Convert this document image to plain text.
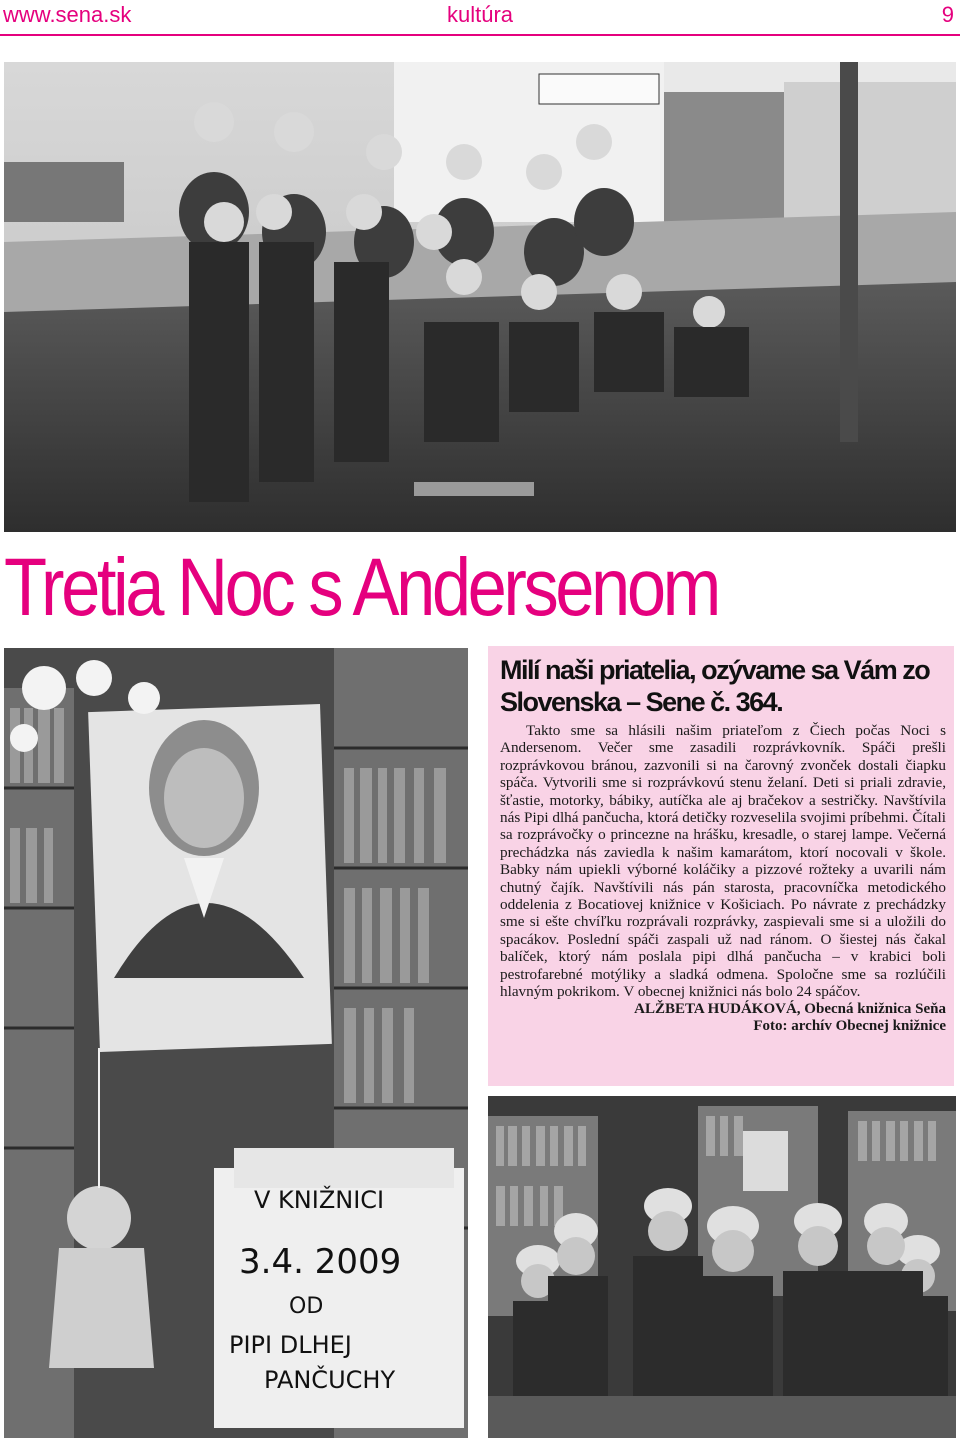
www.sena.sk	kultúra	9
Tretia Noc s Andersenom
V KNIŽNICI
3.4. 2009
OD
PIPI DLHEJ
PANČUCHY
Milí naši priatelia, ozývame sa Vám zo Slovenska – Sene č. 364.

Takto sme sa hlásili našim priateľom z Čiech počas Noci s Andersenom. Večer sme zasadili rozprávkovník. Spáči prešli rozprávkovou bránou, zazvonili si na čarovný zvonček dostali čiapku spáča. Vytvorili sme si rozprávkovú stenu želaní. Deti si priali zdravie, šťastie, motorky, bábiky, autíčka ale aj bračekov a sestričky. Navštívila nás Pipi dlhá pančucha, ktorá detičky rozveselila svojimi príbehmi. Čítali sa rozprávočky o princezne na hrášku, kresadle, o starej lampe. Večerná prechádzka nás zaviedla k našim kamarátom, ktorí nocovali v škole. Babky nám upiekli výborné koláčiky a pizzové rožteky a uvarili nám chutný čajík. Navštívili nás pán starosta, pracovníčka metodického oddelenia z Bocatiovej knižnice v Košiciach. Po návrate z prechádzky sme si ešte chvíľku rozprávali rozprávky, zaspievali sme si a uložili do spacákov. Poslední spáči zaspali už nad ránom. O šiestej nás čakal balíček, ktorý nám poslala pipi dlhá pančucha – v krabici boli pestrofarebné motýliky a sladká odmena. Spoločne sme sa rozlúčili hlavným pokrikom. V obecnej knižnici nás bolo 24 spáčov.

ALŽBETA HUDÁKOVÁ, Obecná knižnica Seňa
Foto: archív Obecnej knižnice
